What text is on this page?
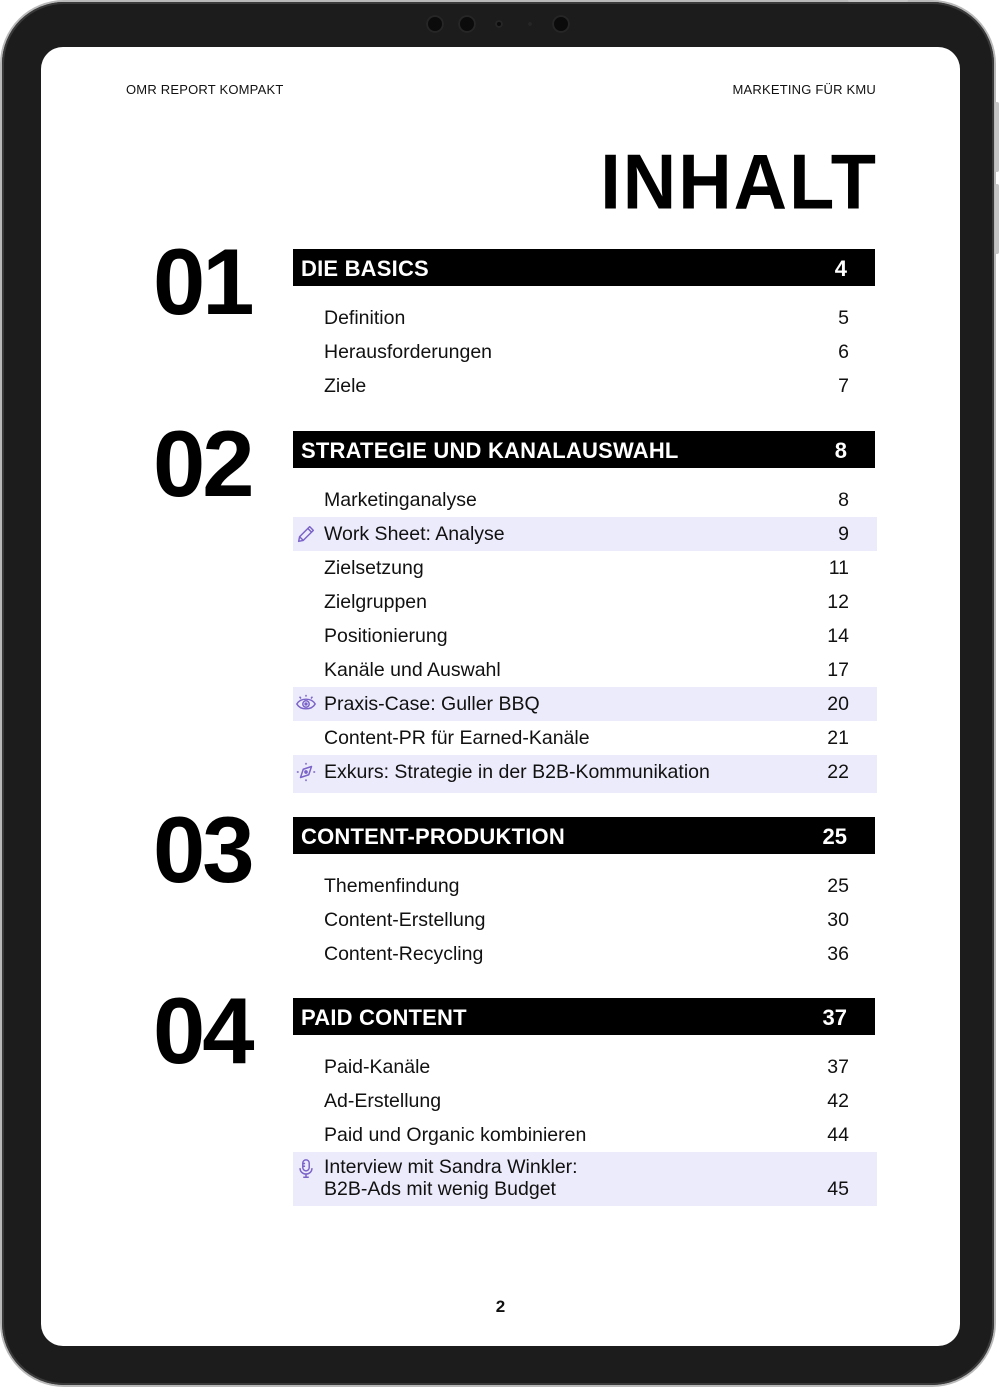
OMR REPORT KOMPAKT	MARKETING FÜR KMU
INHALT
01 DIE BASICS	4
Definition	5
Herausforderungen	6
Ziele	7
02 STRATEGIE UND KANALAUSWAHL	8
Marketinganalyse	8
Work Sheet: Analyse	9
Zielsetzung	11
Zielgruppen	12
Positionierung	14
Kanäle und Auswahl	17
Praxis-Case: Guller BBQ	20
Content-PR für Earned-Kanäle	21
Exkurs: Strategie in der B2B-Kommunikation	22
03 CONTENT-PRODUKTION	25
Themenfindung	25
Content-Erstellung	30
Content-Recycling	36
04 PAID CONTENT	37
Paid-Kanäle	37
Ad-Erstellung	42
Paid und Organic kombinieren	44
Interview mit Sandra Winkler:
B2B-Ads mit wenig Budget	45
2
